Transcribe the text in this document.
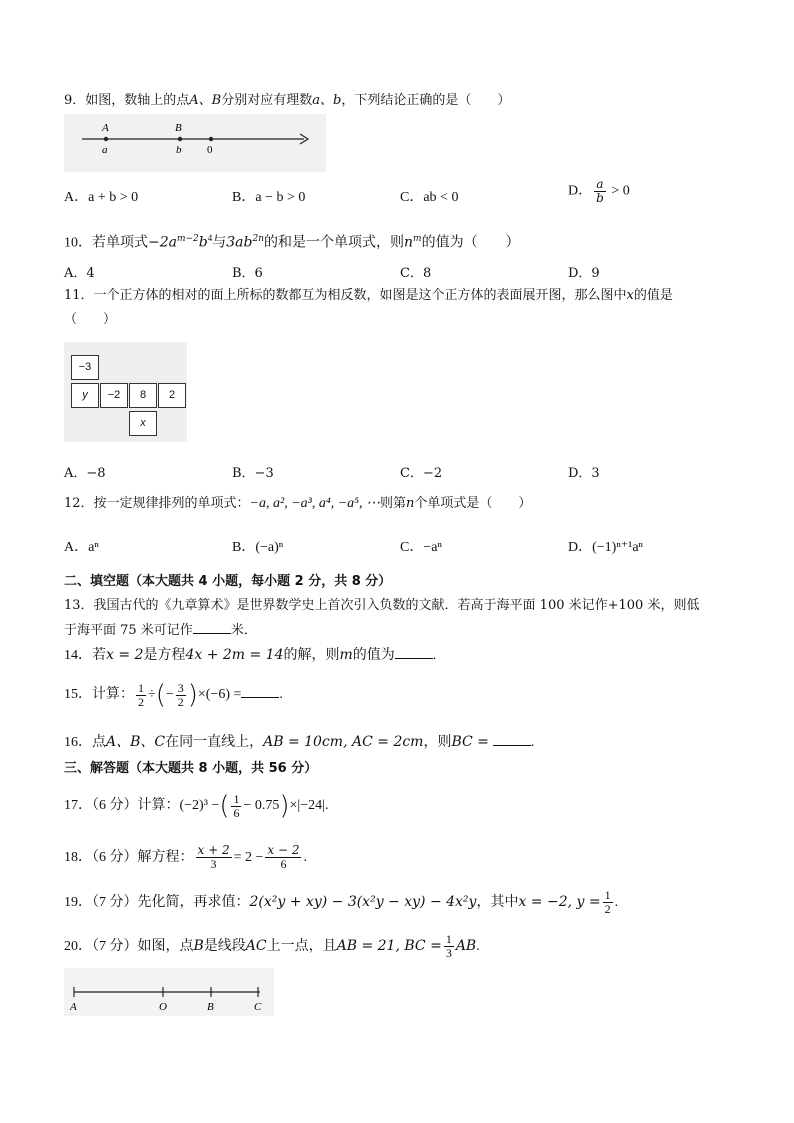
9．如图，数轴上的点A、B分别对应有理数a、b，下列结论正确的是（　　）
A
a
B
b 0
A．a + b > 0	B．a − b > 0	C．ab < 0	D． $\frac{a}{b} > 0$
10．若单项式$-2a^{m-2}b^4$与$3ab^{2n}$的和是一个单项式，则$n^m$的值为（　　）
A．4	B．6	C．8	D．9
11．一个正方体的相对的面上所标的数都互为相反数，如图是这个正方体的表面展开图，那么图中x的值是
（　　）
−3
y	−2	8	2
x
A．−8	B．−3	C．−2	D．3
12．按一定规律排列的单项式：−a, a², −a³, a⁴, −a⁵, ⋯则第n个单项式是（　　）
A．aⁿ	B．(−a)ⁿ	C．−aⁿ	D．(−1)ⁿ⁺¹aⁿ
二、填空题（本大题共 4 小题，每小题 2 分，共 8 分）
13．我国古代的《九章算术》是世界数学史上首次引入负数的文献．若高于海平面 100 米记作+100 米，则低
于海平面 75 米可记作	米．
14．若x = 2是方程4x + 2m = 14的解，则m的值为	.
15．计算： $\frac{1}{2}$ ÷(− $\frac{3}{2} )\times(-6)$ =	.
16．点A、B、C在同一直线上，AB = 10cm, AC = 2cm，则BC =	.
三、解答题（本大题共 8 小题，共 56 分）
17．（6 分）计算：(−2)³ −( $\frac{1}{6} - 0.75)\times|-24|$.
18．（6 分）解方程： $\frac{x + 2}{3} = 2 - \frac{x - 2}{6}$ .
19．（7 分）先化简，再求值：2(x²y + xy) − 3(x²y − xy) − 4x²y，其中x = −2, $y = \frac{1}{2}$ .
20．（7 分）如图，点B是线段AC上一点，且AB = 21, BC = $\frac{1}{3}$ AB.
A	O	B	C
